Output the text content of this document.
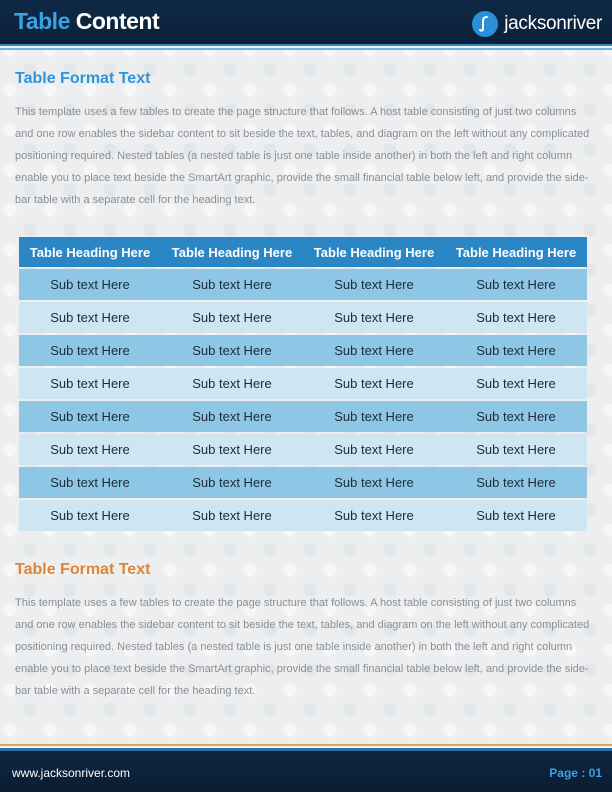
Table Content	jacksonriver
Table Format Text
This template uses a few tables to create the page structure that follows. A host table consisting of just two columns and one row enables the sidebar content to sit beside the text, tables, and diagram on the left without any complicated positioning required. Nested tables (a nested table is just one table inside another) in both the left and right column enable you to place text beside the SmartArt graphic, provide the small financial table below left, and provide the side-bar table with a separate cell for the heading text.
Table Heading Here	Table Heading Here	Table Heading Here	Table Heading Here
Sub text Here	Sub text Here	Sub text Here	Sub text Here
Sub text Here	Sub text Here	Sub text Here	Sub text Here
Sub text Here	Sub text Here	Sub text Here	Sub text Here
Sub text Here	Sub text Here	Sub text Here	Sub text Here
Sub text Here	Sub text Here	Sub text Here	Sub text Here
Sub text Here	Sub text Here	Sub text Here	Sub text Here
Sub text Here	Sub text Here	Sub text Here	Sub text Here
Sub text Here	Sub text Here	Sub text Here	Sub text Here
Table Format Text
This template uses a few tables to create the page structure that follows. A host table consisting of just two columns and one row enables the sidebar content to sit beside the text, tables, and diagram on the left without any complicated positioning required. Nested tables (a nested table is just one table inside another) in both the left and right column enable you to place text beside the SmartArt graphic, provide the small financial table below left, and provide the side-bar table with a separate cell for the heading text.
www.jacksonriver.com	Page : 01
